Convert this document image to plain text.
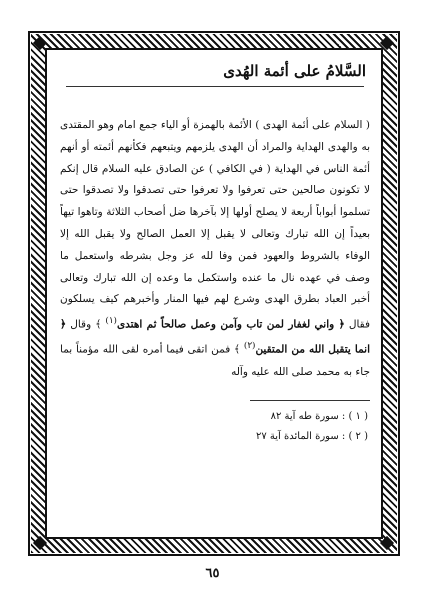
السَّلامُ على أئمة الهُدى

( السلام على أئمة الهدى ) الأئمة بالهمزة أو الياء جمع امام وهو المقتدى به والهدى الهداية والمراد أن الهدى يلزمهم ويتبعهم فكأنهم أئمته أو أنهم أئمة الناس في الهداية ( في الكافي ) عن الصادق عليه السلام قال إنكم لا تكونون صالحين حتى تعرفوا ولا تعرفوا حتى تصدقوا ولا تصدقوا حتى تسلموا أبواباً أربعة لا يصلح أولها إلا بآخرها ضل أصحاب الثلاثة وتاهوا تيهاً بعيداً إن الله تبارك وتعالى لا يقبل إلا العمل الصالح ولا يقبل الله إلا الوفاء بالشروط والعهود فمن وفا لله عز وجل بشرطه واستعمل ما وصف في عهده نال ما عنده واستكمل ما وعده إن الله تبارك وتعالى أخبر العباد بطرق الهدى وشرع لهم فيها المنار وأخبرهم كيف يسلكون فقال ﴿ واني لغفار لمن تاب وآمن وعمل صالحاً ثم اهتدى$^{(١)}$ ﴾ وقال ﴿ انما يتقبل الله من المتقين$^{(٢)}$ ﴾ فمن اتقى فيما أمره لقى الله مؤمناً بما جاء به محمد صلى الله عليه وآله

( ١ ) : سورة طه آية ٨٢
( ٢ ) : سورة المائدة آية ٢٧
٦٥
